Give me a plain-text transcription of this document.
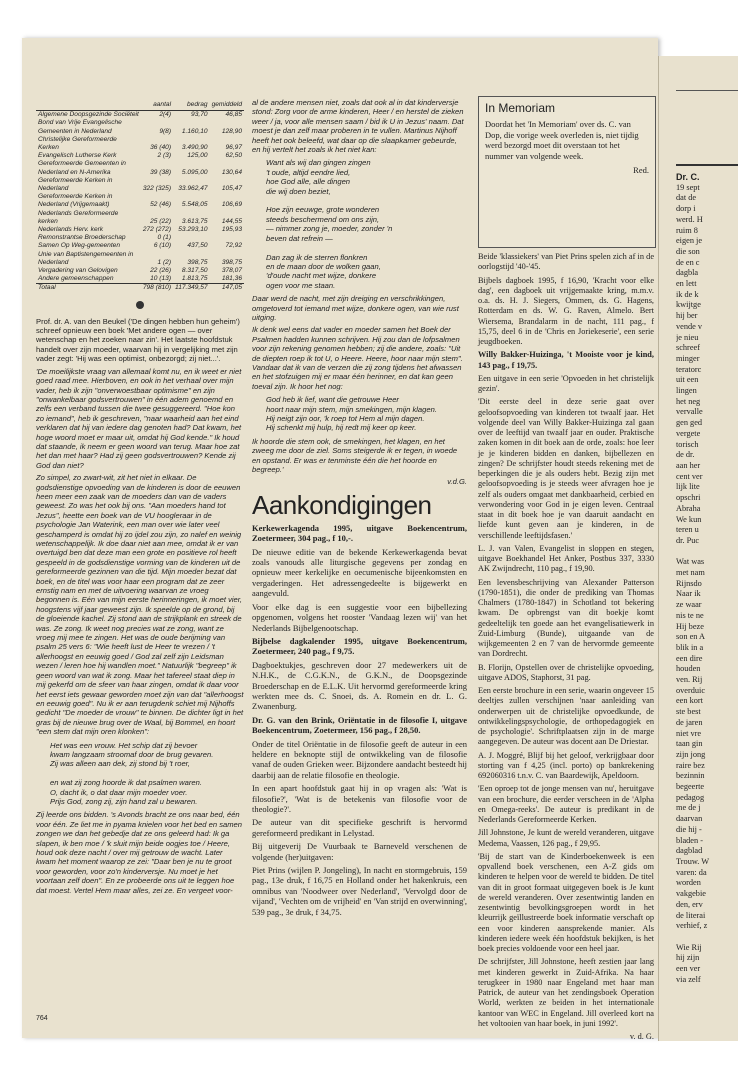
	aantal	bedrag	gemiddeld
Algemene Doopsgezinde Sociëteit	2(4)	93,70	46,85
Bond van Vrije Evangelische Gemeenten in Nederland	9(8)	1.160,10	128,90
Christelijke Gereformeerde Kerken	36 (40)	3.490,90	96,97
Evangelisch Lutherse Kerk	2 (3)	125,00	62,50
Gereformeerde Gemeenten in Nederland en N-Amerika	39 (38)	5.095,00	130,64
Gereformeerde Kerken in Nederland	322 (325)	33.962,47	105,47
Gereformeerde Kerken in Nederland (Vrijgemaakt)	52 (46)	5.548,05	106,69
Nederlands Gereformeerde kerken	25 (22)	3.613,75	144,55
Nederlands Herv. kerk	272 (272)	53.293,10	195,93
Remonstrantse Broederschap	0 (1)		
Samen Op Weg-gemeenten	6 (10)	437,50	72,92
Unie van Baptistengemeenten in Nederland	1 (2)	398,75	398,75
Vergadering van Gelovigen	22 (26)	8.317,50	378,07
Andere gemeenschappen	10 (13)	1.813,75	181,36
Totaal	798 (810)	117.349,57	147,05

Prof. dr. A. van den Beukel ('De dingen hebben hun geheim') schreef opnieuw een boek 'Met andere ogen — over wetenschap en het zoeken naar zin'. Het laatste hoofdstuk handelt over zijn moeder, waarvan hij in vergelijking met zijn vader zegt: 'Hij was een optimist, onbezorgd; zij niet...'.

'De moeilijkste vraag van allemaal komt nu, en ik weet er niet goed raad mee. Hierboven, en ook in het verhaal over mijn vader, heb ik zijn "onverwoestbaar optimisme" en zijn "onwankelbaar godsvertrouwen" in één adem genoemd en zelfs een verband tussen die twee gesuggereerd. "Hoe kon zo iemand", heb ik geschreven, "naar waarheid aan het eind verklaren dat hij van iedere dag genoten had? Dat kwam, het hoge woord moet er maar uit, omdat hij God kende." Ik houd dat staande, ik neem er geen woord van terug. Maar hoe zat het dan met haar? Had zij geen godsvertrouwen? Kende zij God dan niet?

Zo simpel, zo zwart-wit, zit het niet in elkaar. De godsdienstige opvoeding van de kinderen is door de eeuwen heen meer een zaak van de moeders dan van de vaders geweest. Zo was het ook bij ons. "Aan moeders hand tot Jezus", heette een boek van de VU hoogleraar in de psychologie Jan Waterink, een man over wie later veel geschamperd is omdat hij zo ijdel zou zijn, zo nalef en weinig wetenschappelijk. Ik doe daar niet aan mee, omdat ik er van overtuigd ben dat deze man een grote en positieve rol heeft gespeeld in de godsdienstige vorming van de kinderen uit de gereformeerde gezinnen van die tijd. Mijn moeder bezat dat boek, en de titel was voor haar een program dat ze zeer ernstig nam en met de uitvoering waarvan ze vroeg begonnen is. Eén van mijn eerste herinneringen, ik moet vier, hoogstens vijf jaar geweest zijn. Ik speelde op de grond, bij de gloeiende kachel. Zij stond aan de strijkplank en streek de was. Ze zong. Ik weet nog precies wat ze zong, want ze vroeg mij mee te zingen. Het was de oude berijming van psalm 25 vers 6: "Wie heeft lust de Heer te vrezen / 't allerhoogst en eeuwig goed / God zal zelf zijn Leidsman wezen / leren hoe hij wandlen moet." Natuurlijk "begreep" ik geen woord van wat ik zong. Maar het tafereel staat diep in mij gekerfd om de sfeer van haar zingen, omdat ik daar voor het eerst iets gewaar geworden moet zijn van dat "allerhoogst en eeuwig goed". Nu ik er aan terugdenk schiet mij Nijhoffs gedicht "De moeder de vrouw" te binnen. De dichter ligt in het gras bij de nieuwe brug over de Waal, bij Bommel, en hoort "een stem dat mijn oren klonken":

Het was een vrouw. Het schip dat zij bevoer
kwam langzaam stroomaf door de brug gevaren.
Zij was alleen aan dek, zij stond bij 't roer,

en wat zij zong hoorde ik dat psalmen waren.
O, dacht ik, o dat daar mijn moeder voer.
Prijs God, zong zij, zijn hand zal u bewaren.

Zij leerde ons bidden. 's Avonds bracht ze ons naar bed, één voor één. Ze liet me in pyama knielen voor het bed en samen zongen we dan het gebedje dat ze ons geleerd had: Ik ga slapen, ik ben moe / 'k sluit mijn beide oogjes toe / Heere, houd ook deze nacht / over mij getrouw de wacht. Later kwam het moment waarop ze zei: "Daar ben je nu te groot voor geworden, voor zo'n kinderversje. Nu moet je het voortaan zelf doen". En ze probeerde ons uit te leggen hoe dat moest. Vertel Hem maar alles, zei ze. En vergeet voor-

al de andere mensen niet, zoals dat ook al in dat kinderversje stond: Zorg voor de arme kinderen, Heer / en herstel de zieken weer / ja, voor alle mensen saam / bid ik U in Jezus' naam. Dat moest je dan zelf maar proberen in te vullen. Martinus Nijhoff heeft het ook beleefd, wat daar op die slaapkamer gebeurde, en hij vertelt het zoals ik het niet kan:

Want als wij dan gingen zingen
't oude, altijd eendre lied,
hoe God alle, alle dingen
die wij doen beziet,

Hoe zijn eeuwge, grote wonderen
steeds beschermend om ons zijn,
— nimmer zong je, moeder, zonder 'n
beven dat refrein —

Dan zag ik de sterren flonkren
en de maan door de wolken gaan,
'd'oude nacht met wijze, donkere
ogen voor me staan.

Daar werd de nacht, met zijn dreiging en verschrikkingen, omgetoverd tot iemand met wijze, donkere ogen, van wie rust uitging.

Ik denk wel eens dat vader en moeder samen het Boek der Psalmen hadden kunnen schrijven. Hij zou dan de lofpsalmen voor zijn rekening genomen hebben; zij die andere, zoals: "Uit de diepten roep ik tot U, o Heere. Heere, hoor naar mijn stem". Vandaar dat ik van de verzen die zij zong tijdens het afwassen en het stofzuigen mij er maar één herinner, en dat kan geen toeval zijn. Ik hoor het nog:

God heb ik lief, want die getrouwe Heer
hoort naar mijn stem, mijn smekingen, mijn klagen.
Hij neigt zijn oor, 'k roep tot Hem al mijn dagen.
Hij schenkt mij hulp, hij redt mij keer op keer.

Ik hoorde die stem ook, de smekingen, het klagen, en het zweeg me door de ziel. Soms steigerde ik er tegen, in woede en opstand. Er was er tenminste één die het hoorde en begreep.'

v.d.G.
Aankondigingen

Kerkewerkagenda 1995, uitgave Boekencentrum, Zoetermeer, 304 pag., f 10,-.

De nieuwe editie van de bekende Kerkewerkagenda bevat zoals vanouds alle liturgische gegevens per zondag en opnieuw meer kerkelijke en oecumenische bijeenkomsten en vergaderingen. Het adressengedeelte is bijgewerkt en aangevuld.

Voor elke dag is een suggestie voor een bijbellezing opgenomen, volgens het rooster 'Vandaag lezen wij' van het Nederlands Bijbelgenootschap.

Bijbelse dagkalender 1995, uitgave Boekencentrum, Zoetermeer, 240 pag., f 9,75.

Dagboektukjes, geschreven door 27 medewerkers uit de N.H.K., de C.G.K.N., de G.K.N., de Doopsgezinde Broederschap en de E.L.K. Uit hervormd gereformeerde kring werkten mee ds. C. Snoei, ds. A. Romein en dr. L. G. Zwanenburg.

Dr. G. van den Brink, Oriëntatie in de filosofie I, uitgave Boekencentrum, Zoetermeer, 156 pag., f 28,50.

Onder de titel Oriëntatie in de filosofie geeft de auteur in een heldere en beknopte stijl de ontwikkeling van de filosofie vanaf de ouden Grieken weer. Bijzondere aandacht besteedt hij daarbij aan de relatie filosofie en theologie.

In een apart hoofdstuk gaat hij in op vragen als: 'Wat is filosofie?', 'Wat is de betekenis van filosofie voor de theologie?'.

De auteur van dit specifieke geschrift is hervormd gereformeerd predikant in Lelystad.

Bij uitgeverij De Vuurbaak te Barneveld verschenen de volgende (her)uitgaven:

Piet Prins (wijlen P. Jongeling), In nacht en stormgebruis, 159 pag., 13e druk, f 16,75 en Holland onder het hakenkruis, een omnibus van 'Noodweer over Nederland', 'Vervolgd door de vijand', 'Vechten om de vrijheid' en 'Van strijd en overwinning', 539 pag., 3e druk, f 34,75.

In Memoriam

Doordat het 'In Memoriam' over ds. C. van Dop, die vorige week overleden is, niet tijdig werd bezorgd moet dit overstaan tot het nummer van volgende week.

Red.

Beide 'klassiekers' van Piet Prins spelen zich af in de oorlogstijd '40-'45.

Bijbels dagboek 1995, f 16,90, 'Kracht voor elke dag', een dagboek uit vrijgemaakte kring, m.m.v. o.a. ds. H. J. Siegers, Ommen, ds. G. Hagens, Rotterdam en ds. W. G. Raven, Almelo. Bert Wiersema, Brandalarm in de nacht, 111 pag., f 15,75, deel 6 in de 'Chris en Joriekeserie', een serie jeugdboeken.

Willy Bakker-Huizinga, 't Mooiste voor je kind, 143 pag., f 19,75.

Een uitgave in een serie 'Opvoeden in het christelijk gezin'.

'Dit eerste deel in deze serie gaat over geloofsopvoeding van kinderen tot twaalf jaar. Het volgende deel van Willy Bakker-Huizinga zal gaan over de leeftijd van twaalf jaar en ouder. Praktische zaken komen in dit boek aan de orde, zoals: hoe leer je je kinderen bidden en danken, bijbellezen en zingen? De schrijfster houdt steeds rekening met de beperkingen die je als ouders hebt. Bezig zijn met geloofsopvoeding is je steeds weer afvragen hoe je zelf als ouders omgaat met dankbaarheid, cerbied en verwondering voor God in je eigen leven. Centraal staat in dit boek hoe je van daaruit aandacht en liefde kunt geven aan je kinderen, in de verschillende leeftijdsfasen.'

L. J. van Valen, Evangelist in sloppen en stegen, uitgave Boekhandel Het Anker, Postbus 337, 3330 AK Zwijndrecht, 110 pag., f 19,90.

Een levensbeschrijving van Alexander Patterson (1790-1851), die onder de prediking van Thomas Chalmers (1780-1847) in Schotland tot bekering kwam. De opbrengst van dit boekje komt gedeeltelijk ten goede aan het evangelisatiewerk in Zuid-Limburg (Bunde), uitgaande van de wijkgemeenten 2 en 7 van de hervormde gemeente van Dordrecht.

B. Florijn, Opstellen over de christelijke opvoeding, uitgave ADOS, Staphorst, 31 pag.

Een eerste brochure in een serie, waarin ongeveer 15 deeltjes zullen verschijnen 'naar aanleiding van onderwerpen uit de christelijke opvoedkunde, de ontwikkelingspsychologie, de orthopedagogiek en de psychologie'. Schriftplaatsen zijn in de marge aangegeven. De auteur was docent aan De Driestar.

A. J. Moggré, Blijf bij het geloof, verkrijgbaar door storting van f 4,25 (incl. porto) op bankrekening 692060316 t.n.v. C. van Baardewijk, Apeldoorn.

'Een oproep tot de jonge mensen van nu', heruitgave van een brochure, die eerder verscheen in de 'Alpha en Omega-reeks'. De auteur is predikant in de Nederlands Gereformeerde Kerken.

Jill Johnstone, Je kunt de wereld veranderen, uitgave Medema, Vaassen, 126 pag., f 29,95.

'Bij de start van de Kinderboekenweek is een opvallend boek verschenen, een A-Z gids om kinderen te helpen voor de wereld te bidden. De titel van dit in groot formaat uitgegeven boek is Je kunt de wereld veranderen. Over zesentwintig landen en zesentwintig bevolkingsgroepen wordt in het kleurrijk geïllustreerde boek informatie verschaft op een voor kinderen aansprekende manier. Als kinderen iedere week één hoofdstuk bekijken, is het boek precies voldoende voor een heel jaar.

De schrijfster, Jill Johnstone, heeft zestien jaar lang met kinderen gewerkt in Zuid-Afrika. Na haar terugkeer in 1980 naar Engeland met haar man Patrick, de auteur van het zendingsboek Operation World, werkten ze beiden in het internationale kantoor van WEC in Engeland. Jill overleed kort na het voltooien van haar boek, in juni 1992'.

v. d. G.
Dr. C.
19 sept
dat de
dorp i
werd. H
ruim 8
eigen je
die son
de en c
dagbla
en lett
ik de k
kwijtge
hij ber
vende v
je nieu
schreef
minger
teratorc
uit een
lingen
het neg
vervalle
gen ged
vergete
torisch
de dr.
aan her
cent ver
lijk lite
opschri
Abraha
We kun
teren u
dr. Puc

Wat was
met nam
Rijnsdo
Naar ik
ze waar
nis te ne
Hij beze
son en A
blik in a
een dire
houden
ven. Rij
overduic
een kort
ste best
de jaren
niet vre
taan gin
zijn jong
raire bez
bezinnin
begeerte
pedagog
me de j
daarvan
die hij -
bladen -
dagblad
Trouw. W
varen: da
worden
vakgebie
den, erv
de literai
verhief, z

Wie Rij
hij zijn
een ver
via zelf
764
